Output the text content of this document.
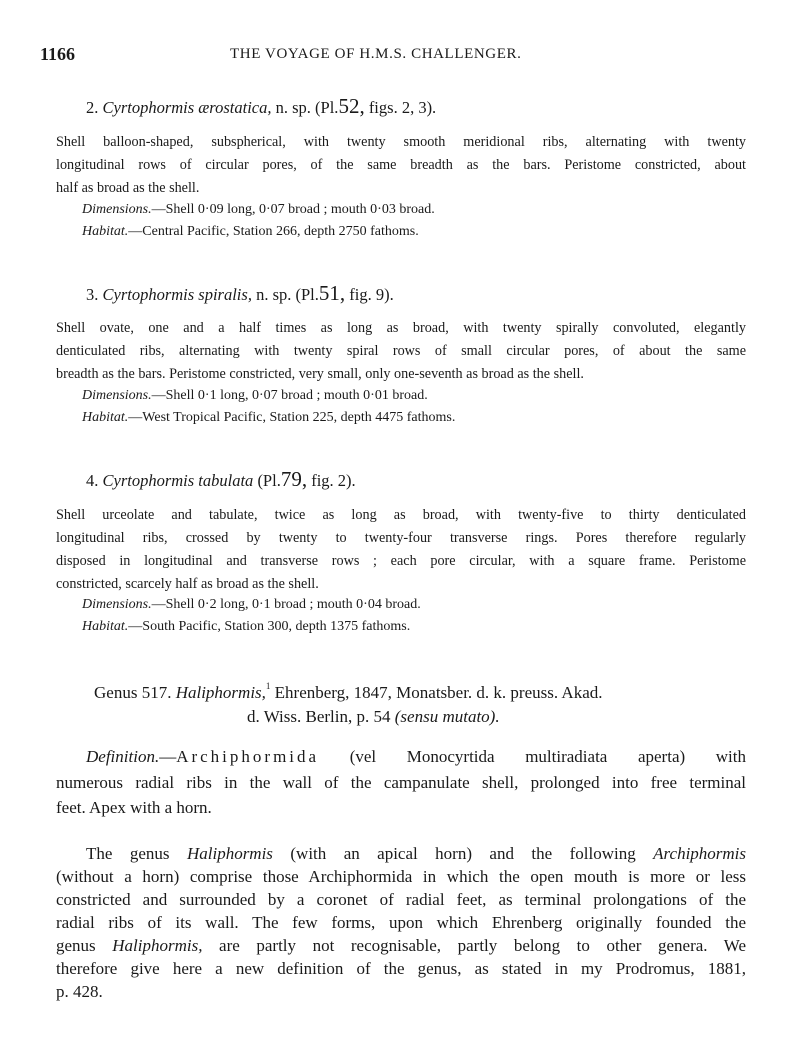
1166	THE VOYAGE OF H.M.S. CHALLENGER.
2. Cyrtophormis ærostatica, n. sp. (Pl.52, figs. 2, 3).
Shell balloon-shaped, subspherical, with twenty smooth meridional ribs, alternating with twenty
longitudinal rows of circular pores, of the same breadth as the bars. Peristome constricted, about
half as broad as the shell.
Dimensions.—Shell 0·09 long, 0·07 broad ; mouth 0·03 broad.
Habitat.—Central Pacific, Station 266, depth 2750 fathoms.
3. Cyrtophormis spiralis, n. sp. (Pl.51, fig. 9).
Shell ovate, one and a half times as long as broad, with twenty spirally convoluted, elegantly
denticulated ribs, alternating with twenty spiral rows of small circular pores, of about the same
breadth as the bars. Peristome constricted, very small, only one-seventh as broad as the shell.
Dimensions.—Shell 0·1 long, 0·07 broad ; mouth 0·01 broad.
Habitat.—West Tropical Pacific, Station 225, depth 4475 fathoms.
4. Cyrtophormis tabulata (Pl.79, fig. 2).
Shell urceolate and tabulate, twice as long as broad, with twenty-five to thirty denticulated
longitudinal ribs, crossed by twenty to twenty-four transverse rings. Pores therefore regularly
disposed in longitudinal and transverse rows ; each pore circular, with a square frame. Peristome
constricted, scarcely half as broad as the shell.
Dimensions.—Shell 0·2 long, 0·1 broad ; mouth 0·04 broad.
Habitat.—South Pacific, Station 300, depth 1375 fathoms.
Genus 517. Haliphormis,$^1$ Ehrenberg, 1847, Monatsber. d. k. preuss. Akad.
d. Wiss. Berlin, p. 54 (sensu mutato).
Definition.—Archiphormida (vel Monocyrtida multiradiata aperta) with
numerous radial ribs in the wall of the campanulate shell, prolonged into free terminal
feet. Apex with a horn.
The genus Haliphormis (with an apical horn) and the following Archiphormis
(without a horn) comprise those Archiphormida in which the open mouth is more or less
constricted and surrounded by a coronet of radial feet, as terminal prolongations of the
radial ribs of its wall. The few forms, upon which Ehrenberg originally founded the
genus Haliphormis, are partly not recognisable, partly belong to other genera. We
therefore give here a new definition of the genus, as stated in my Prodromus, 1881,
p. 428.
